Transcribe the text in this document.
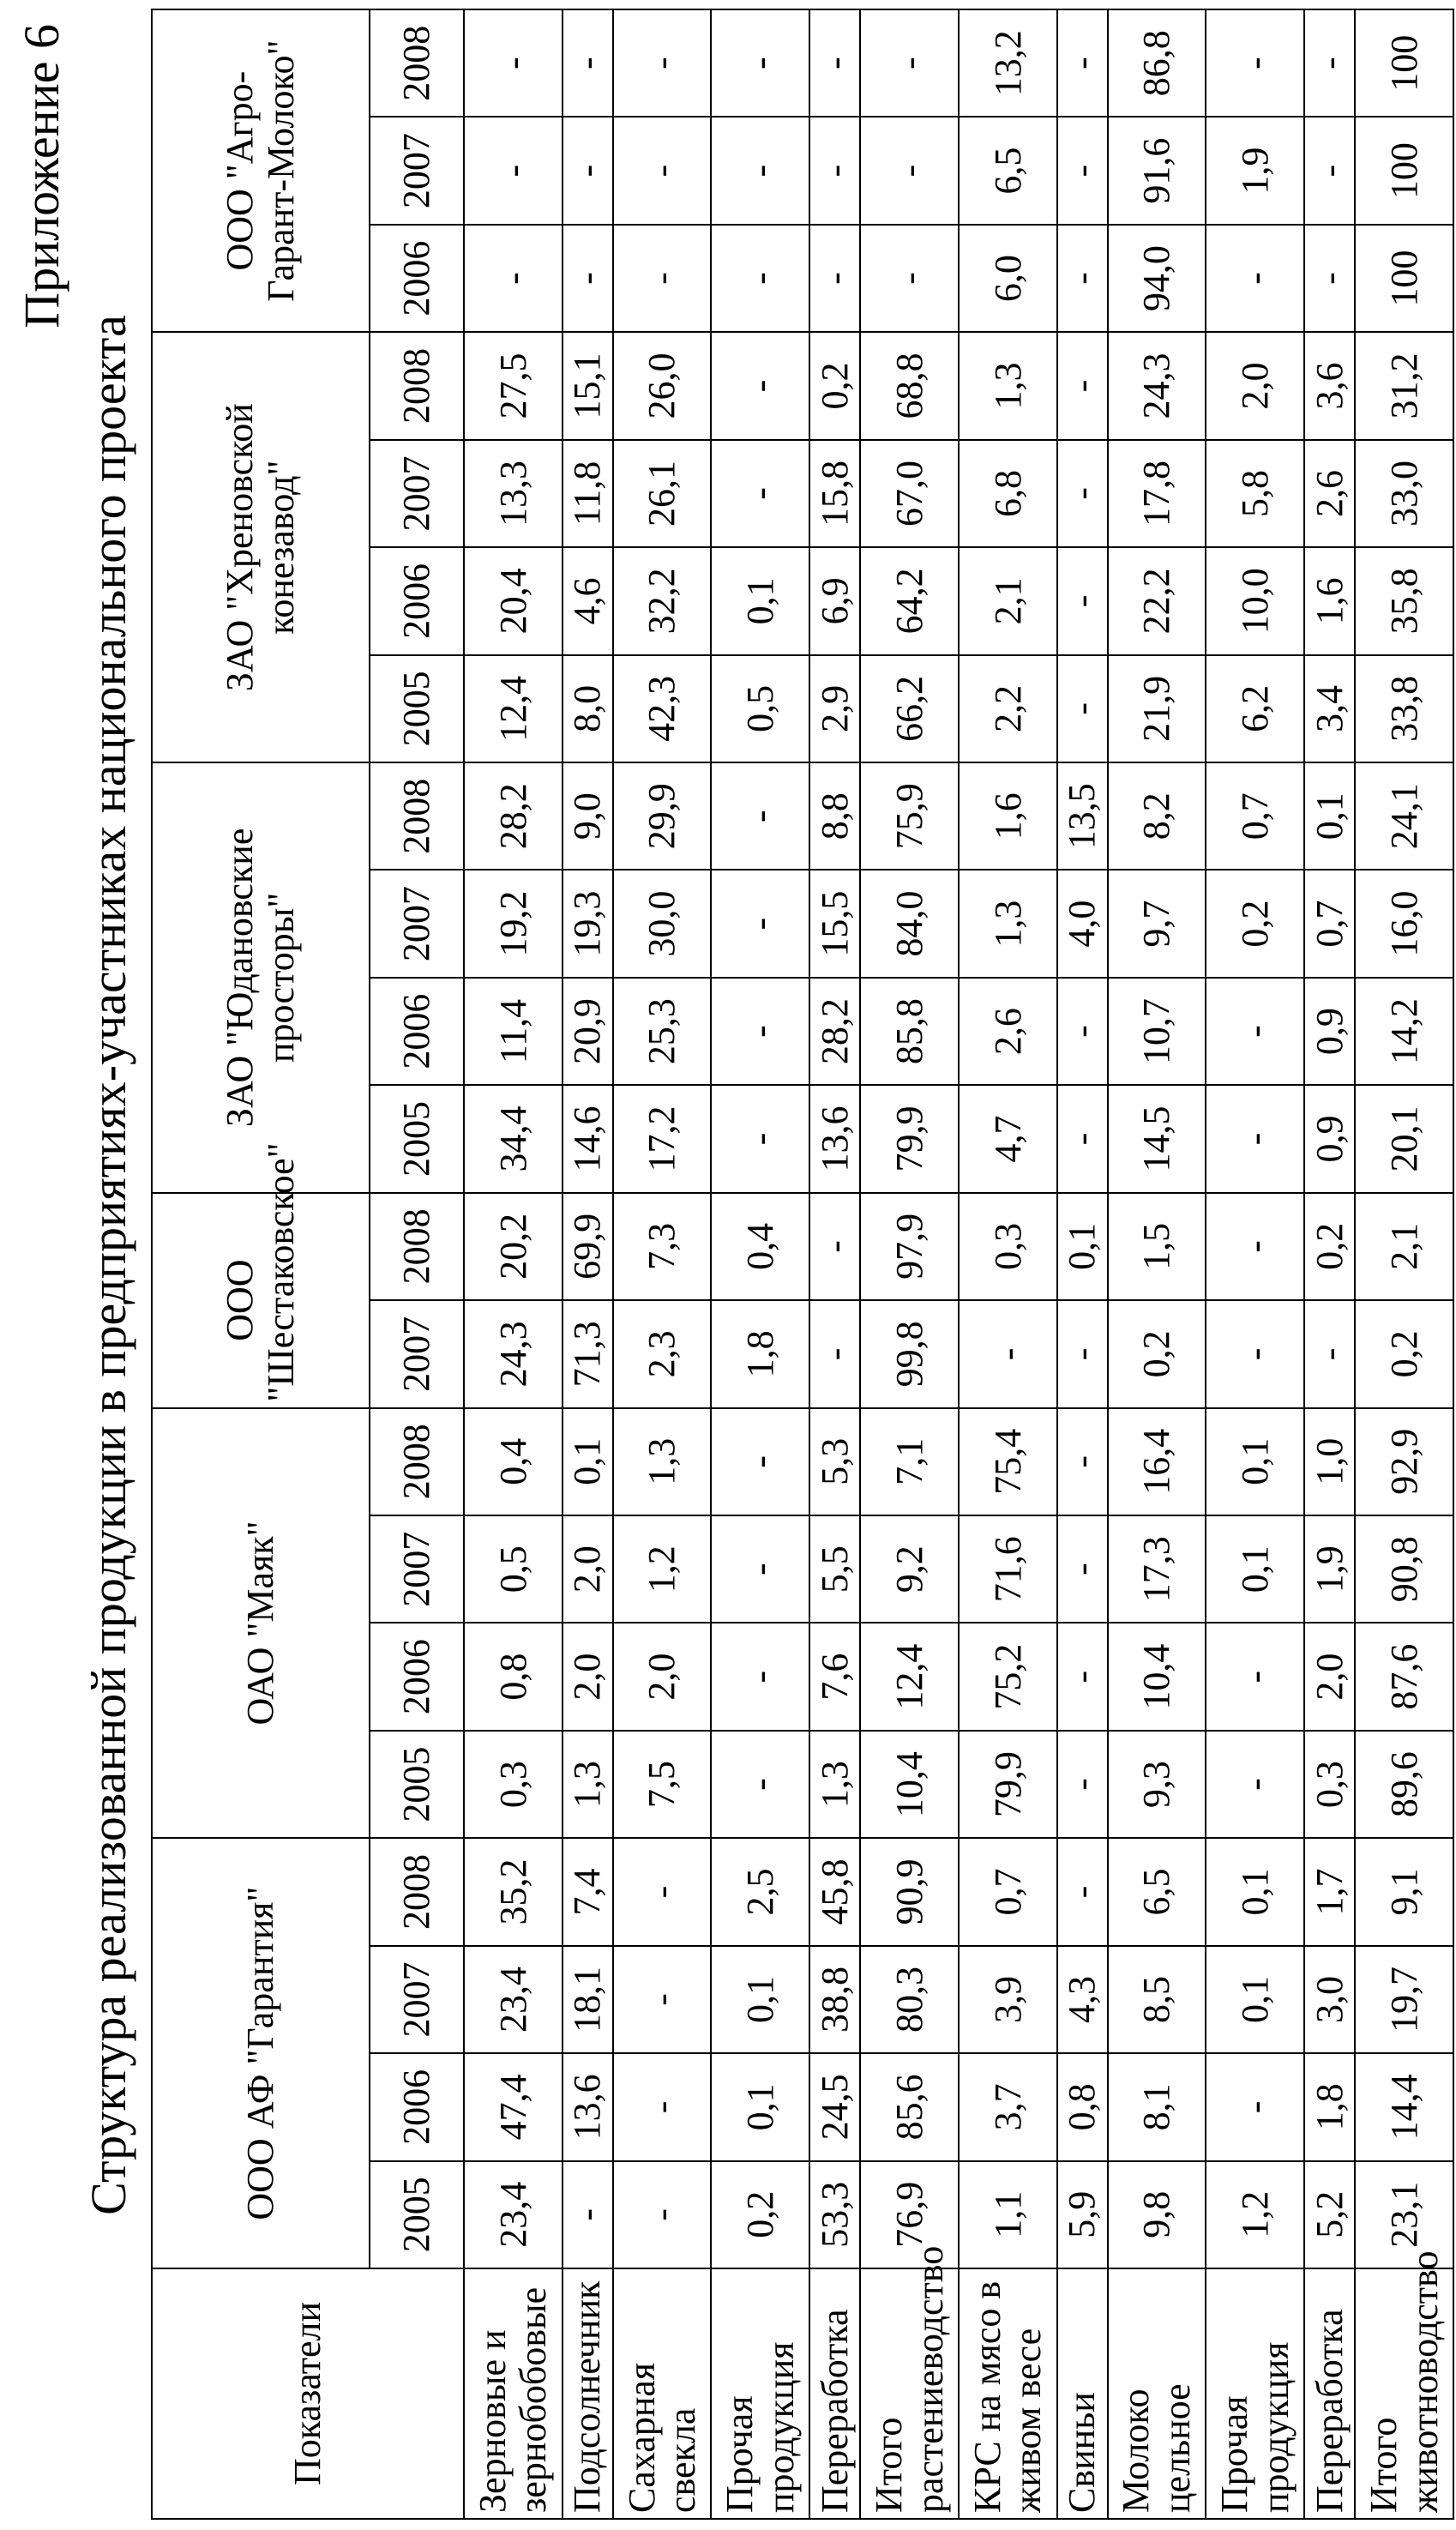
Приложение 6
Структура реализованной продукции в предприятиях-участниках национального проекта
Показатели	ООО АФ "Гарантия"				ОАО "Маяк"				ООО "Шестаковское"		ЗАО "Юдановские просторы"				ЗАО "Хреновской конезавод"				ООО "Агро-Гарант-Молоко"		
	2005	2006	2007	2008	2005	2006	2007	2008	2007	2008	2005	2006	2007	2008	2005	2006	2007	2008	2006	2007	2008
Зерновые и зернобобовые	23,4	47,4	23,4	35,2	0,3	0,8	0,5	0,4	24,3	20,2	34,4	11,4	19,2	28,2	12,4	20,4	13,3	27,5	-	-	-
Подсолнечник	-	13,6	18,1	7,4	1,3	2,0	2,0	0,1	71,3	69,9	14,6	20,9	19,3	9,0	8,0	4,6	11,8	15,1	-	-	-
Сахарная свекла	-	-	-	-	7,5	2,0	1,2	1,3	2,3	7,3	17,2	25,3	30,0	29,9	42,3	32,2	26,1	26,0	-	-	-
Прочая продукция	0,2	0,1	0,1	2,5	-	-	-	-	1,8	0,4	-	-	-	-	0,5	0,1	-	-	-	-	-
Переработка	53,3	24,5	38,8	45,8	1,3	7,6	5,5	5,3	-	-	13,6	28,2	15,5	8,8	2,9	6,9	15,8	0,2	-	-	-
Итого растениеводство	76,9	85,6	80,3	90,9	10,4	12,4	9,2	7,1	99,8	97,9	79,9	85,8	84,0	75,9	66,2	64,2	67,0	68,8	-	-	-
КРС на мясо в живом весе	1,1	3,7	3,9	0,7	79,9	75,2	71,6	75,4	-	0,3	4,7	2,6	1,3	1,6	2,2	2,1	6,8	1,3	6,0	6,5	13,2
Свиньи	5,9	0,8	4,3	-	-	-	-	-	-	0,1	-	-	4,0	13,5	-	-	-	-	-	-	-
Молоко цельное	9,8	8,1	8,5	6,5	9,3	10,4	17,3	16,4	0,2	1,5	14,5	10,7	9,7	8,2	21,9	22,2	17,8	24,3	94,0	91,6	86,8
Прочая продукция	1,2	-	0,1	0,1	-	-	0,1	0,1	-	-	-	-	0,2	0,7	6,2	10,0	5,8	2,0	-	1,9	-
Переработка	5,2	1,8	3,0	1,7	0,3	2,0	1,9	1,0	-	0,2	0,9	0,9	0,7	0,1	3,4	1,6	2,6	3,6	-	-	-
Итого животноводство	23,1	14,4	19,7	9,1	89,6	87,6	90,8	92,9	0,2	2,1	20,1	14,2	16,0	24,1	33,8	35,8	33,0	31,2	100	100	100
